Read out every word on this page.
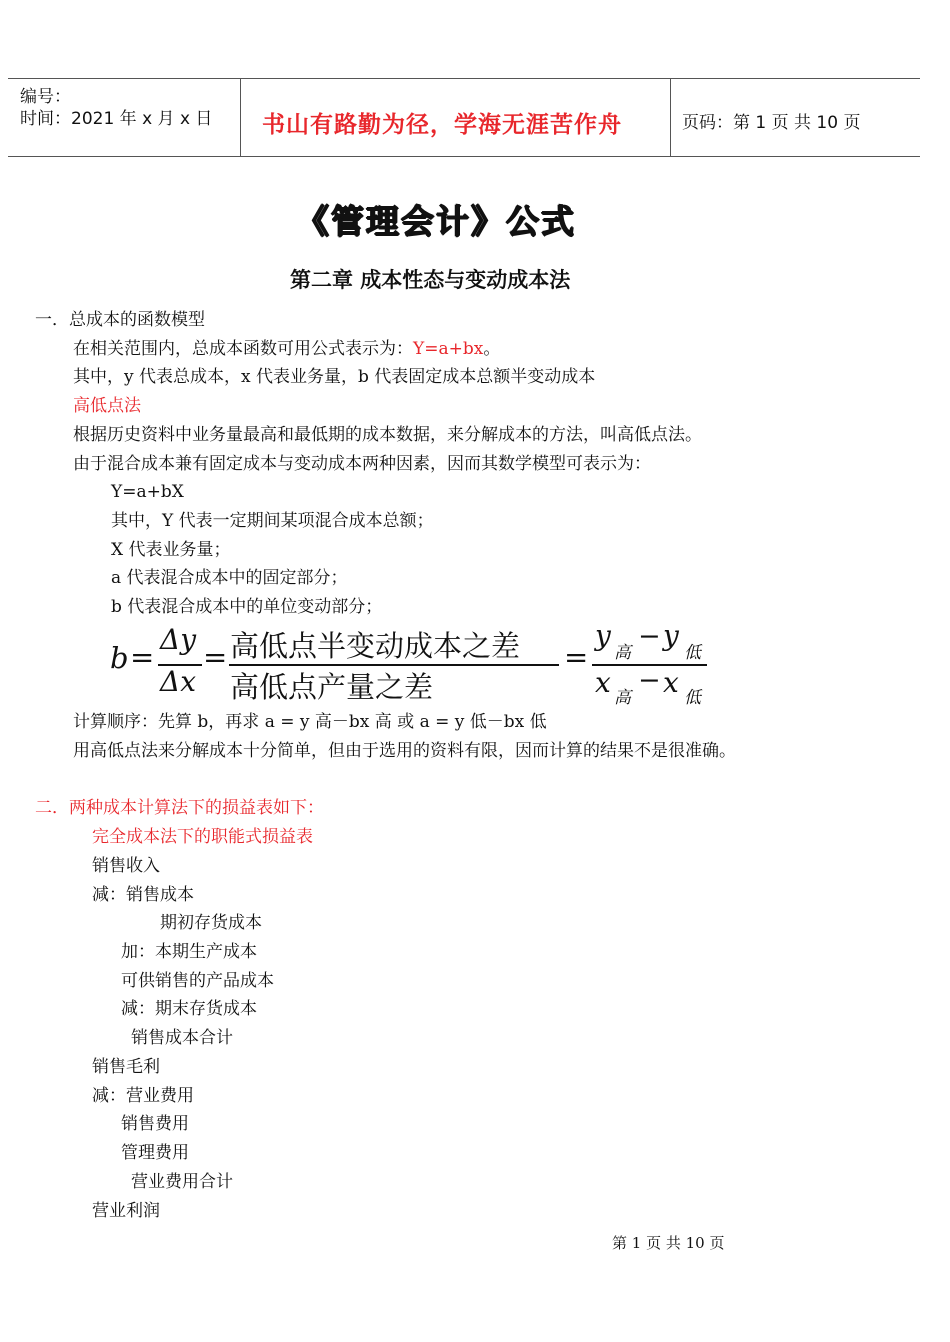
编号：
时间：2021 年 x 月 x 日 书山有路勤为径，学海无涯苦作舟	页码：第 1 页 共 10 页
《管理会计》公式
第二章 成本性态与变动成本法
一．总成本的函数模型
在相关范围内，总成本函数可用公式表示为：Y=a+bx。
其中，y 代表总成本，x 代表业务量，b 代表固定成本总额半变动成本
高低点法
根据历史资料中业务量最高和最低期的成本数据，来分解成本的方法，叫高低点法。
由于混合成本兼有固定成本与变动成本两种因素，因而其数学模型可表示为：
Y=a+bX
其中，Y 代表一定期间某项混合成本总额；
X 代表业务量；
a 代表混合成本中的固定部分；
b 代表混合成本中的单位变动部分；
b =
Δy
Δx
= 高低点半变动成本之差
高低点产量之差
=
y
高
− y
低
x 高
− x 低
计算顺序：先算 b，再求 a = y 高－bx 高 或 a = y 低－bx 低
用高低点法来分解成本十分简单，但由于选用的资料有限，因而计算的结果不是很准确。
二．两种成本计算法下的损益表如下：
完全成本法下的职能式损益表
销售收入
减：销售成本
期初存货成本
加：本期生产成本
可供销售的产品成本
减：期末存货成本
销售成本合计
销售毛利
减：营业费用
销售费用
管理费用
营业费用合计
营业利润
第 1 页 共 10 页
